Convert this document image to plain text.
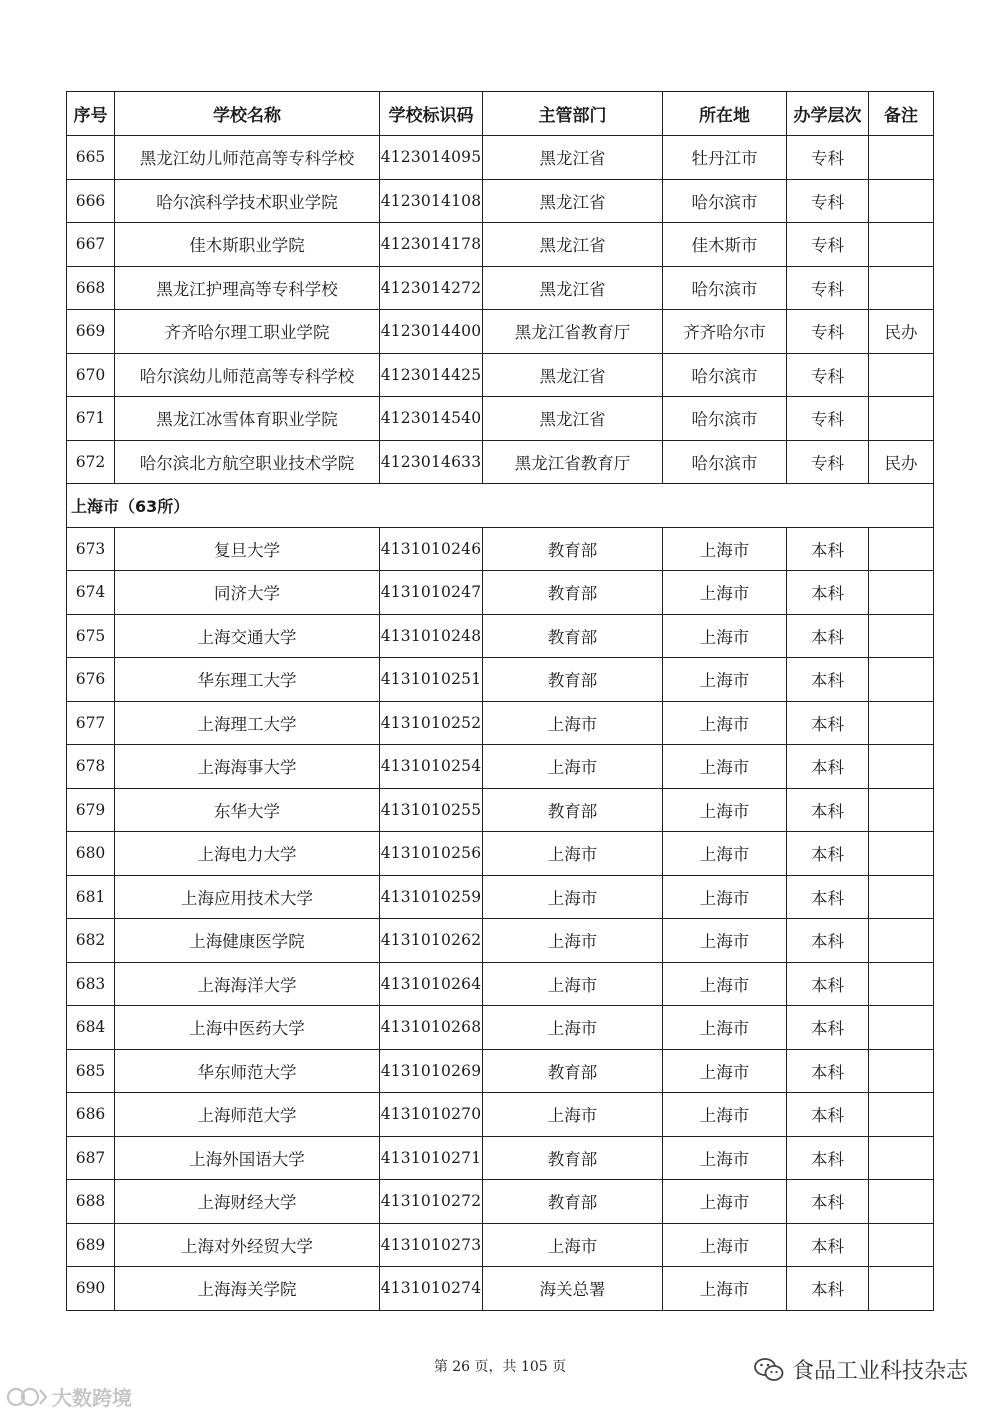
序号	学校名称	学校标识码	主管部门	所在地	办学层次	备注
665	黑龙江幼儿师范高等专科学校	4123014095	黑龙江省	牡丹江市	专科	
666	哈尔滨科学技术职业学院	4123014108	黑龙江省	哈尔滨市	专科	
667	佳木斯职业学院	4123014178	黑龙江省	佳木斯市	专科	
668	黑龙江护理高等专科学校	4123014272	黑龙江省	哈尔滨市	专科	
669	齐齐哈尔理工职业学院	4123014400	黑龙江省教育厅	齐齐哈尔市	专科	民办
670	哈尔滨幼儿师范高等专科学校	4123014425	黑龙江省	哈尔滨市	专科	
671	黑龙江冰雪体育职业学院	4123014540	黑龙江省	哈尔滨市	专科	
672	哈尔滨北方航空职业技术学院	4123014633	黑龙江省教育厅	哈尔滨市	专科	民办
上海市（63所）						
673	复旦大学	4131010246	教育部	上海市	本科	
674	同济大学	4131010247	教育部	上海市	本科	
675	上海交通大学	4131010248	教育部	上海市	本科	
676	华东理工大学	4131010251	教育部	上海市	本科	
677	上海理工大学	4131010252	上海市	上海市	本科	
678	上海海事大学	4131010254	上海市	上海市	本科	
679	东华大学	4131010255	教育部	上海市	本科	
680	上海电力大学	4131010256	上海市	上海市	本科	
681	上海应用技术大学	4131010259	上海市	上海市	本科	
682	上海健康医学院	4131010262	上海市	上海市	本科	
683	上海海洋大学	4131010264	上海市	上海市	本科	
684	上海中医药大学	4131010268	上海市	上海市	本科	
685	华东师范大学	4131010269	教育部	上海市	本科	
686	上海师范大学	4131010270	上海市	上海市	本科	
687	上海外国语大学	4131010271	教育部	上海市	本科	
688	上海财经大学	4131010272	教育部	上海市	本科	
689	上海对外经贸大学	4131010273	上海市	上海市	本科	
690	上海海关学院	4131010274	海关总署	上海市	本科	
第 26 页，共 105 页	食品工业科技杂志
大数跨境
